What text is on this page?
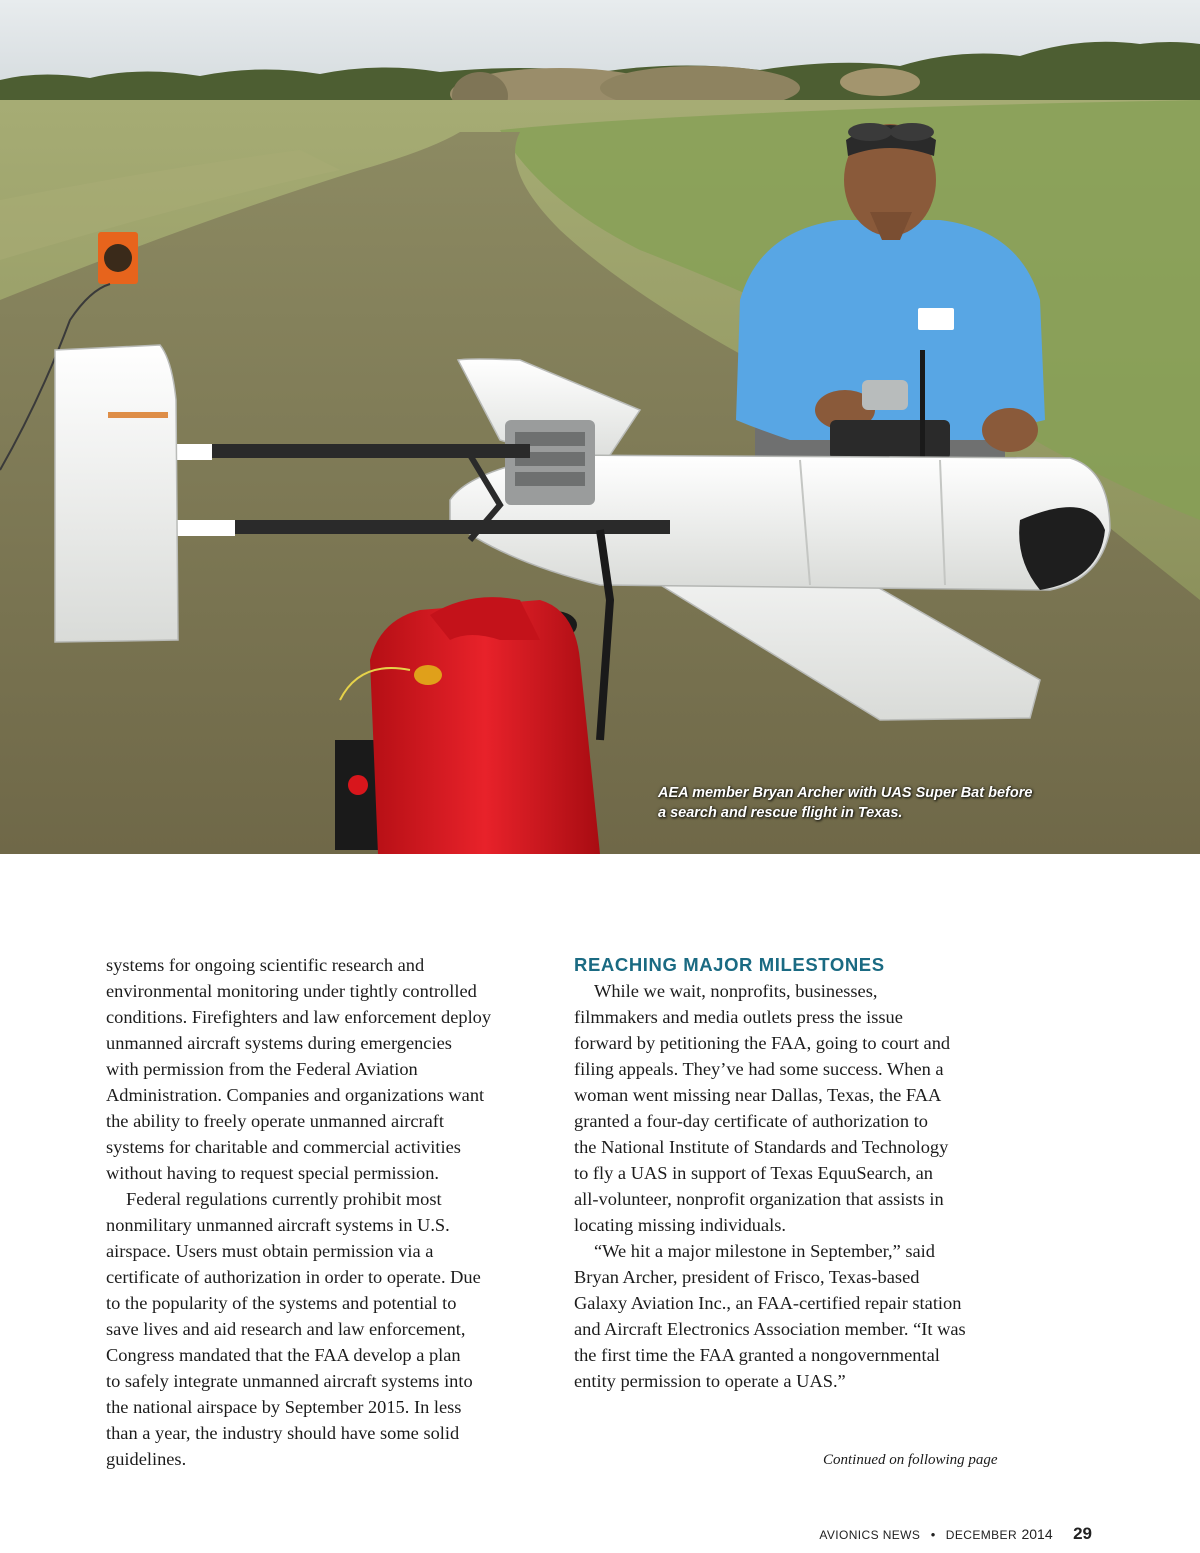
AEA member Bryan Archer with UAS Super Bat before
a search and rescue flight in Texas.

systems for ongoing scientific research and
environmental monitoring under tightly controlled
conditions. Firefighters and law enforcement deploy
unmanned aircraft systems during emergencies
with permission from the Federal Aviation
Administration. Companies and organizations want
the ability to freely operate unmanned aircraft
systems for charitable and commercial activities
without having to request special permission.

Federal regulations currently prohibit most
nonmilitary unmanned aircraft systems in U.S.
airspace. Users must obtain permission via a
certificate of authorization in order to operate. Due
to the popularity of the systems and potential to
save lives and aid research and law enforcement,
Congress mandated that the FAA develop a plan
to safely integrate unmanned aircraft systems into
the national airspace by September 2015. In less
than a year, the industry should have some solid
guidelines.

REACHING MAJOR MILESTONES

While we wait, nonprofits, businesses,
filmmakers and media outlets press the issue
forward by petitioning the FAA, going to court and
filing appeals. They’ve had some success. When a
woman went missing near Dallas, Texas, the FAA
granted a four-day certificate of authorization to
the National Institute of Standards and Technology
to fly a UAS in support of Texas EquuSearch, an
all-volunteer, nonprofit organization that assists in
locating missing individuals.

“We hit a major milestone in September,” said
Bryan Archer, president of Frisco, Texas-based
Galaxy Aviation Inc., an FAA-certified repair station
and Aircraft Electronics Association member. “It was
the first time the FAA granted a nongovernmental
entity permission to operate a UAS.”

Continued on following page
AVIONICS NEWS • DECEMBER 2014 29
